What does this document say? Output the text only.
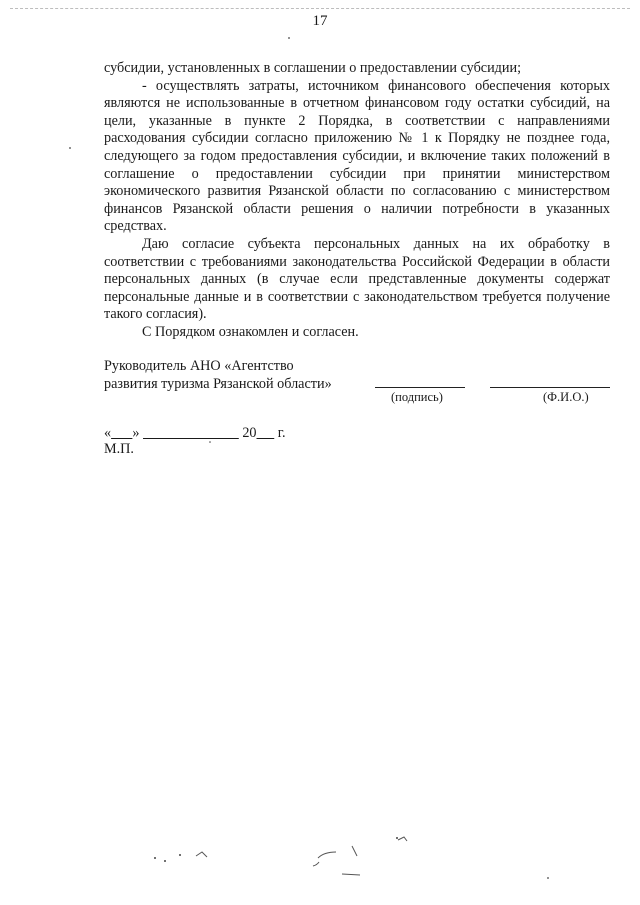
17

субсидии, установленных в соглашении о предоставлении субсидии;

- осуществлять затраты, источником финансового обеспечения которых являются не использованные в отчетном финансовом году остатки субсидий, на цели, указанные в пункте 2 Порядка, в соответствии с направлениями расходования субсидии согласно приложению № 1 к Порядку не позднее года, следующего за годом предоставления субсидии, и включение таких положений в соглашение о предоставлении субсидии при принятии министерством экономического развития Рязанской области по согласованию с министерством финансов Рязанской области решения о наличии потребности в указанных средствах.

Даю согласие субъекта персональных данных на их обработку в соответствии с требованиями законодательства Российской Федерации в области персональных данных (в случае если представленные документы содержат персональные данные и в соответствии с законодательством требуется получение такого согласия).

С Порядком ознакомлен и согласен.

Руководитель АНО «Агентство
развития туризма Рязанской области»
(подпись)	(Ф.И.О.)
« »	20 г.
М.П.
